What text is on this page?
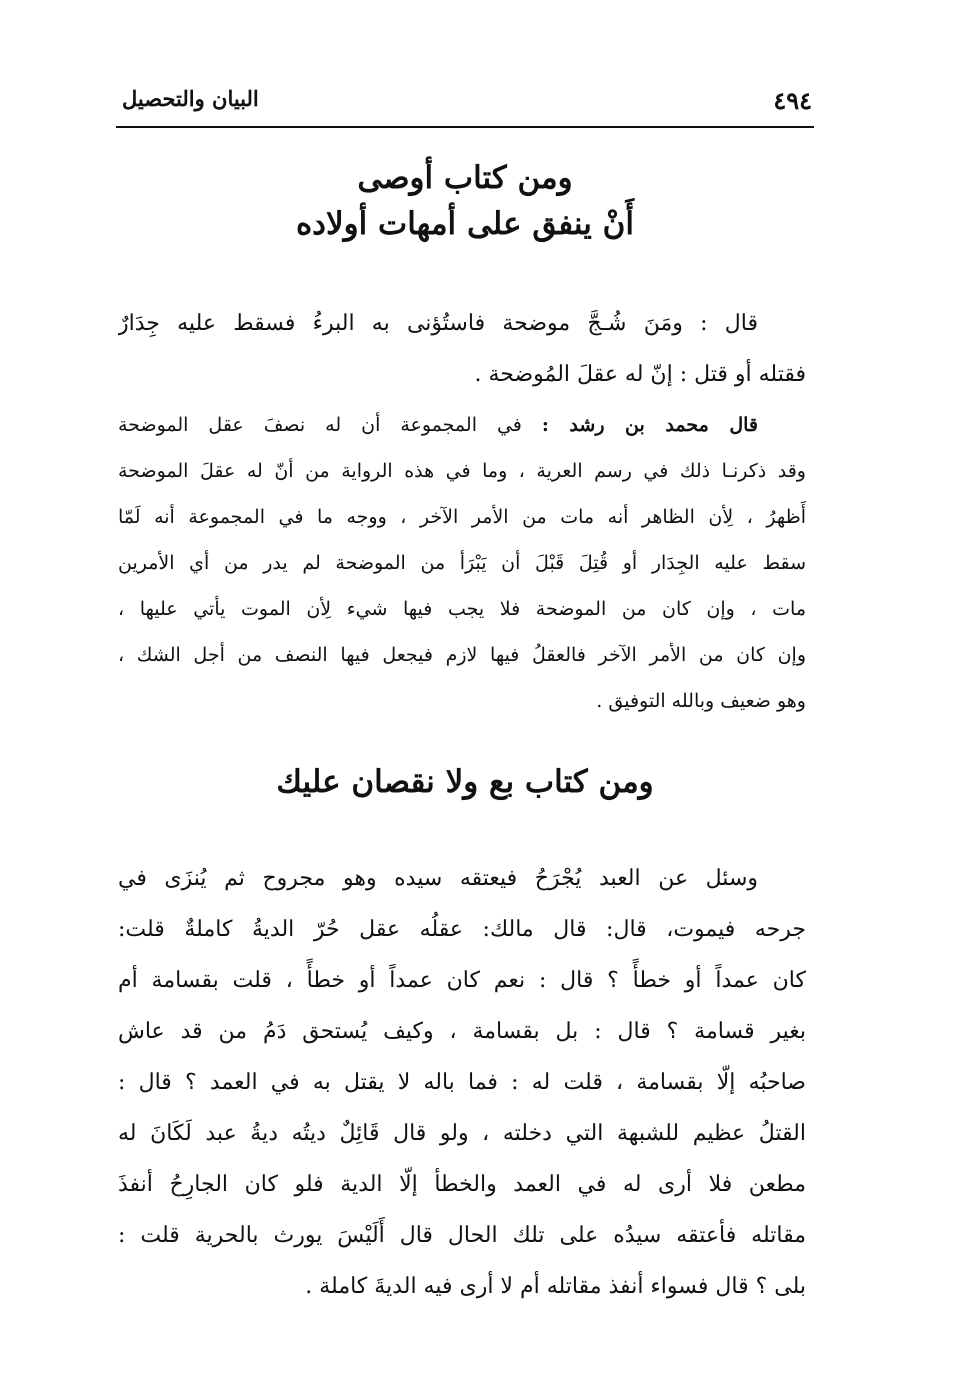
البيان والتحصيل	٤٩٤
ومن كتاب أوصى
أَنْ ينفق على أمهات أولاده
قال : ومَنَ شُـجَّ موضحة فاستُؤنى به البرءُ فسقط عليه جِدَارٌ
فقتله أو قتل : إنّ له عقلَ المُوضحة .
قال محمد بن رشد : في المجموعة أن له نصفَ عقل الموضحة
وقد ذكرنـا ذلك في رسم العرية ، وما في هذه الرواية من أنّ له عقلَ الموضحة
أَظهرُ ، لِأن الظاهر أنه مات من الأمر الآخر ، ووجه ما في المجموعة أنه لَمّا
سقط عليه الجِدَار أو قُتِلَ قَبْلَ أن يَبْرَأ من الموضحة لم يدر من أي الأمرين
مات ، وإن كان من الموضحة فلا يجب فيها شيء لِأن الموت يأتي عليها ،
وإن كان من الأمر الآخر فالعقلُ فيها لازم فيجعل فيها النصف من أجل الشك ،
وهو ضعيف وبالله التوفيق .
ومن كتاب بع ولا نقصان عليك
وسئل عن العبد يُجْرَحُ فيعتقه سيده وهو مجروح ثم يُنزَى في
جرحه فيموت، قال: قال مالك: عقلُه عقل حُرّ الديةُ كاملةٌ قلت:
كان عمداً أو خطأً ؟ قال : نعم كان عمداً أو خطأً ، قلت بقسامة أم
بغير قسامة ؟ قال : بل بقسامة ، وكيف يُستحق دَمُ من قد عاش
صاحبُه إلّا بقسامة ، قلت له : فما باله لا يقتل به في العمد ؟ قال :
القتلُ عظيم للشبهة التي دخلته ، ولو قال قَائِلٌ ديتُه ديةُ عبد لَكَانَ له
مطعن فلا أرى له في العمد والخطأ إلّا الدية فلو كان الجارِحُ أنفذَ
مقاتله فأعتقه سيدُه على تلك الحال قال أَلَيْسَ يورث بالحرية قلت :
بلى ؟ قال فسواء أنفذ مقاتله أم لا أرى فيه الديةَ كاملة .
